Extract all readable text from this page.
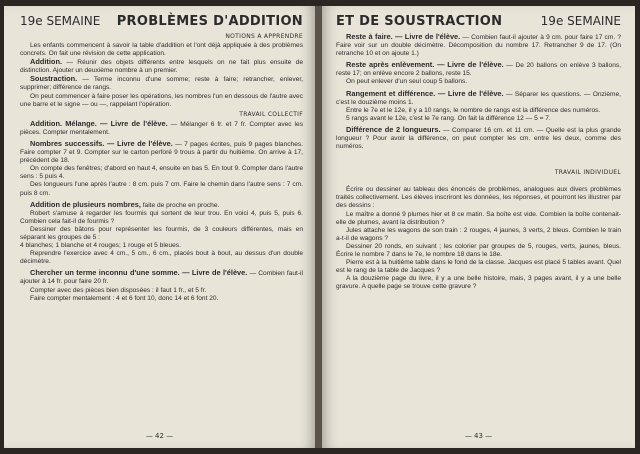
19e SEMAINE PROBLÈMES D'ADDITION
NOTIONS A APPRENDRE

Les enfants commencent à savoir la table d'addition et l'ont déjà appliquée à des problèmes concrets. On fait une révision de cette application.

Addition. — Réunir des objets différents entre lesquels on ne fait plus ensuite de distinction. Ajouter un deuxième nombre à un premier.

Soustraction. — Terme inconnu d'une somme; reste à faire; retrancher, enlever, supprimer; différence de rangs.

On peut commencer à faire poser les opérations, les nombres l'un en dessous de l'autre avec une barre et le signe — ou —, rappelant l'opération.

TRAVAIL COLLECTIF

Addition. Mélange. — Livre de l'élève. — Mélanger 6 fr. et 7 fr. Compter avec les pièces. Compter mentalement.

Nombres successifs. — Livre de l'élève. — 7 pages écrites, puis 9 pages blanches. Faire compter 7 et 9. Compter sur le carton perforé 9 trous à partir du huitième. On arrive à 17, précédent de 18.

On compte des fenêtres; d'abord en haut 4, ensuite en bas 5. En tout 9. Compter dans l'autre sens : 5 puis 4.

Des longueurs l'une après l'autre : 8 cm. puis 7 cm. Faire le chemin dans l'autre sens : 7 cm. puis 8 cm.

Addition de plusieurs nombres, faite de proche en proche.

Robert s'amuse à regarder les fourmis qui sortent de leur trou. En voici 4, puis 5, puis 6. Combien cela fait-il de fourmis ?

Dessiner des bâtons pour représenter les fourmis, de 3 couleurs différentes, mais en séparant les groupes de 5 :

4 blanches; 1 blanche et 4 rouges; 1 rouge et 5 bleues.

Reprendre l'exercice avec 4 cm., 5 cm., 6 cm., placés bout à bout, au dessus d'un double décimètre.

Chercher un terme inconnu d'une somme. — Livre de l'élève. — Combien faut-il ajouter à 14 fr. pour faire 20 fr.

Compter avec des pièces bien disposées : il faut 1 fr., et 5 fr.

Faire compter mentalement : 4 et 6 font 10, donc 14 et 6 font 20.

— 42 —
ET DE SOUSTRACTION	19e SEMAINE

Reste à faire. — Livre de l'élève. — Combien faut-il ajouter à 9 cm. pour faire 17 cm. ? Faire voir sur un double décimètre. Décomposition du nombre 17. Retrancher 9 de 17. (On retranche 10 et on ajoute 1.)

Reste après enlèvement. — Livre de l'élève. — De 20 ballons on enlève 3 ballons, reste 17; on enlève encore 2 ballons, reste 15.

On peut enlever d'un seul coup 5 ballons.

Rangement et différence. — Livre de l'élève. — Séparer les questions. — Onzième, c'est le douzième moins 1.

Entre le 7e et le 12e, il y a 10 rangs, le nombre de rangs est la différence des numéros.

5 rangs avant le 12e, c'est le 7e rang. On fait la différence 12 — 5 = 7.

Différence de 2 longueurs. — Comparer 16 cm. et 11 cm. — Quelle est la plus grande longueur ? Pour avoir la différence, on peut compter les cm. entre les deux, comme des numéros.

TRAVAIL INDIVIDUEL

Écrire ou dessiner au tableau des énoncés de problèmes, analogues aux divers problèmes traités collectivement. Les élèves inscriront les données, les réponses, et pourront les illustrer par des dessins :

Le maître a donné 9 plumes hier et 8 ce matin. Sa boîte est vide. Combien la boîte contenait-elle de plumes, avant la distribution ?

Jules attache les wagons de son train : 2 rouges, 4 jaunes, 3 verts, 2 bleus. Combien le train a-t-il de wagons ?

Dessiner 20 ronds, en suivant ; les colorier par groupes de 5, rouges, verts, jaunes, bleus. Écrire le nombre 7 dans le 7e, le nombre 18 dans le 18e.

Pierre est à la huitième table dans le fond de la classe. Jacques est placé 5 tables avant. Quel est le rang de la table de Jacques ?

A la douzième page du livre, il y a une belle histoire, mais, 3 pages avant, il y a une belle gravure. A quelle page se trouve cette gravure ?

— 43 —
